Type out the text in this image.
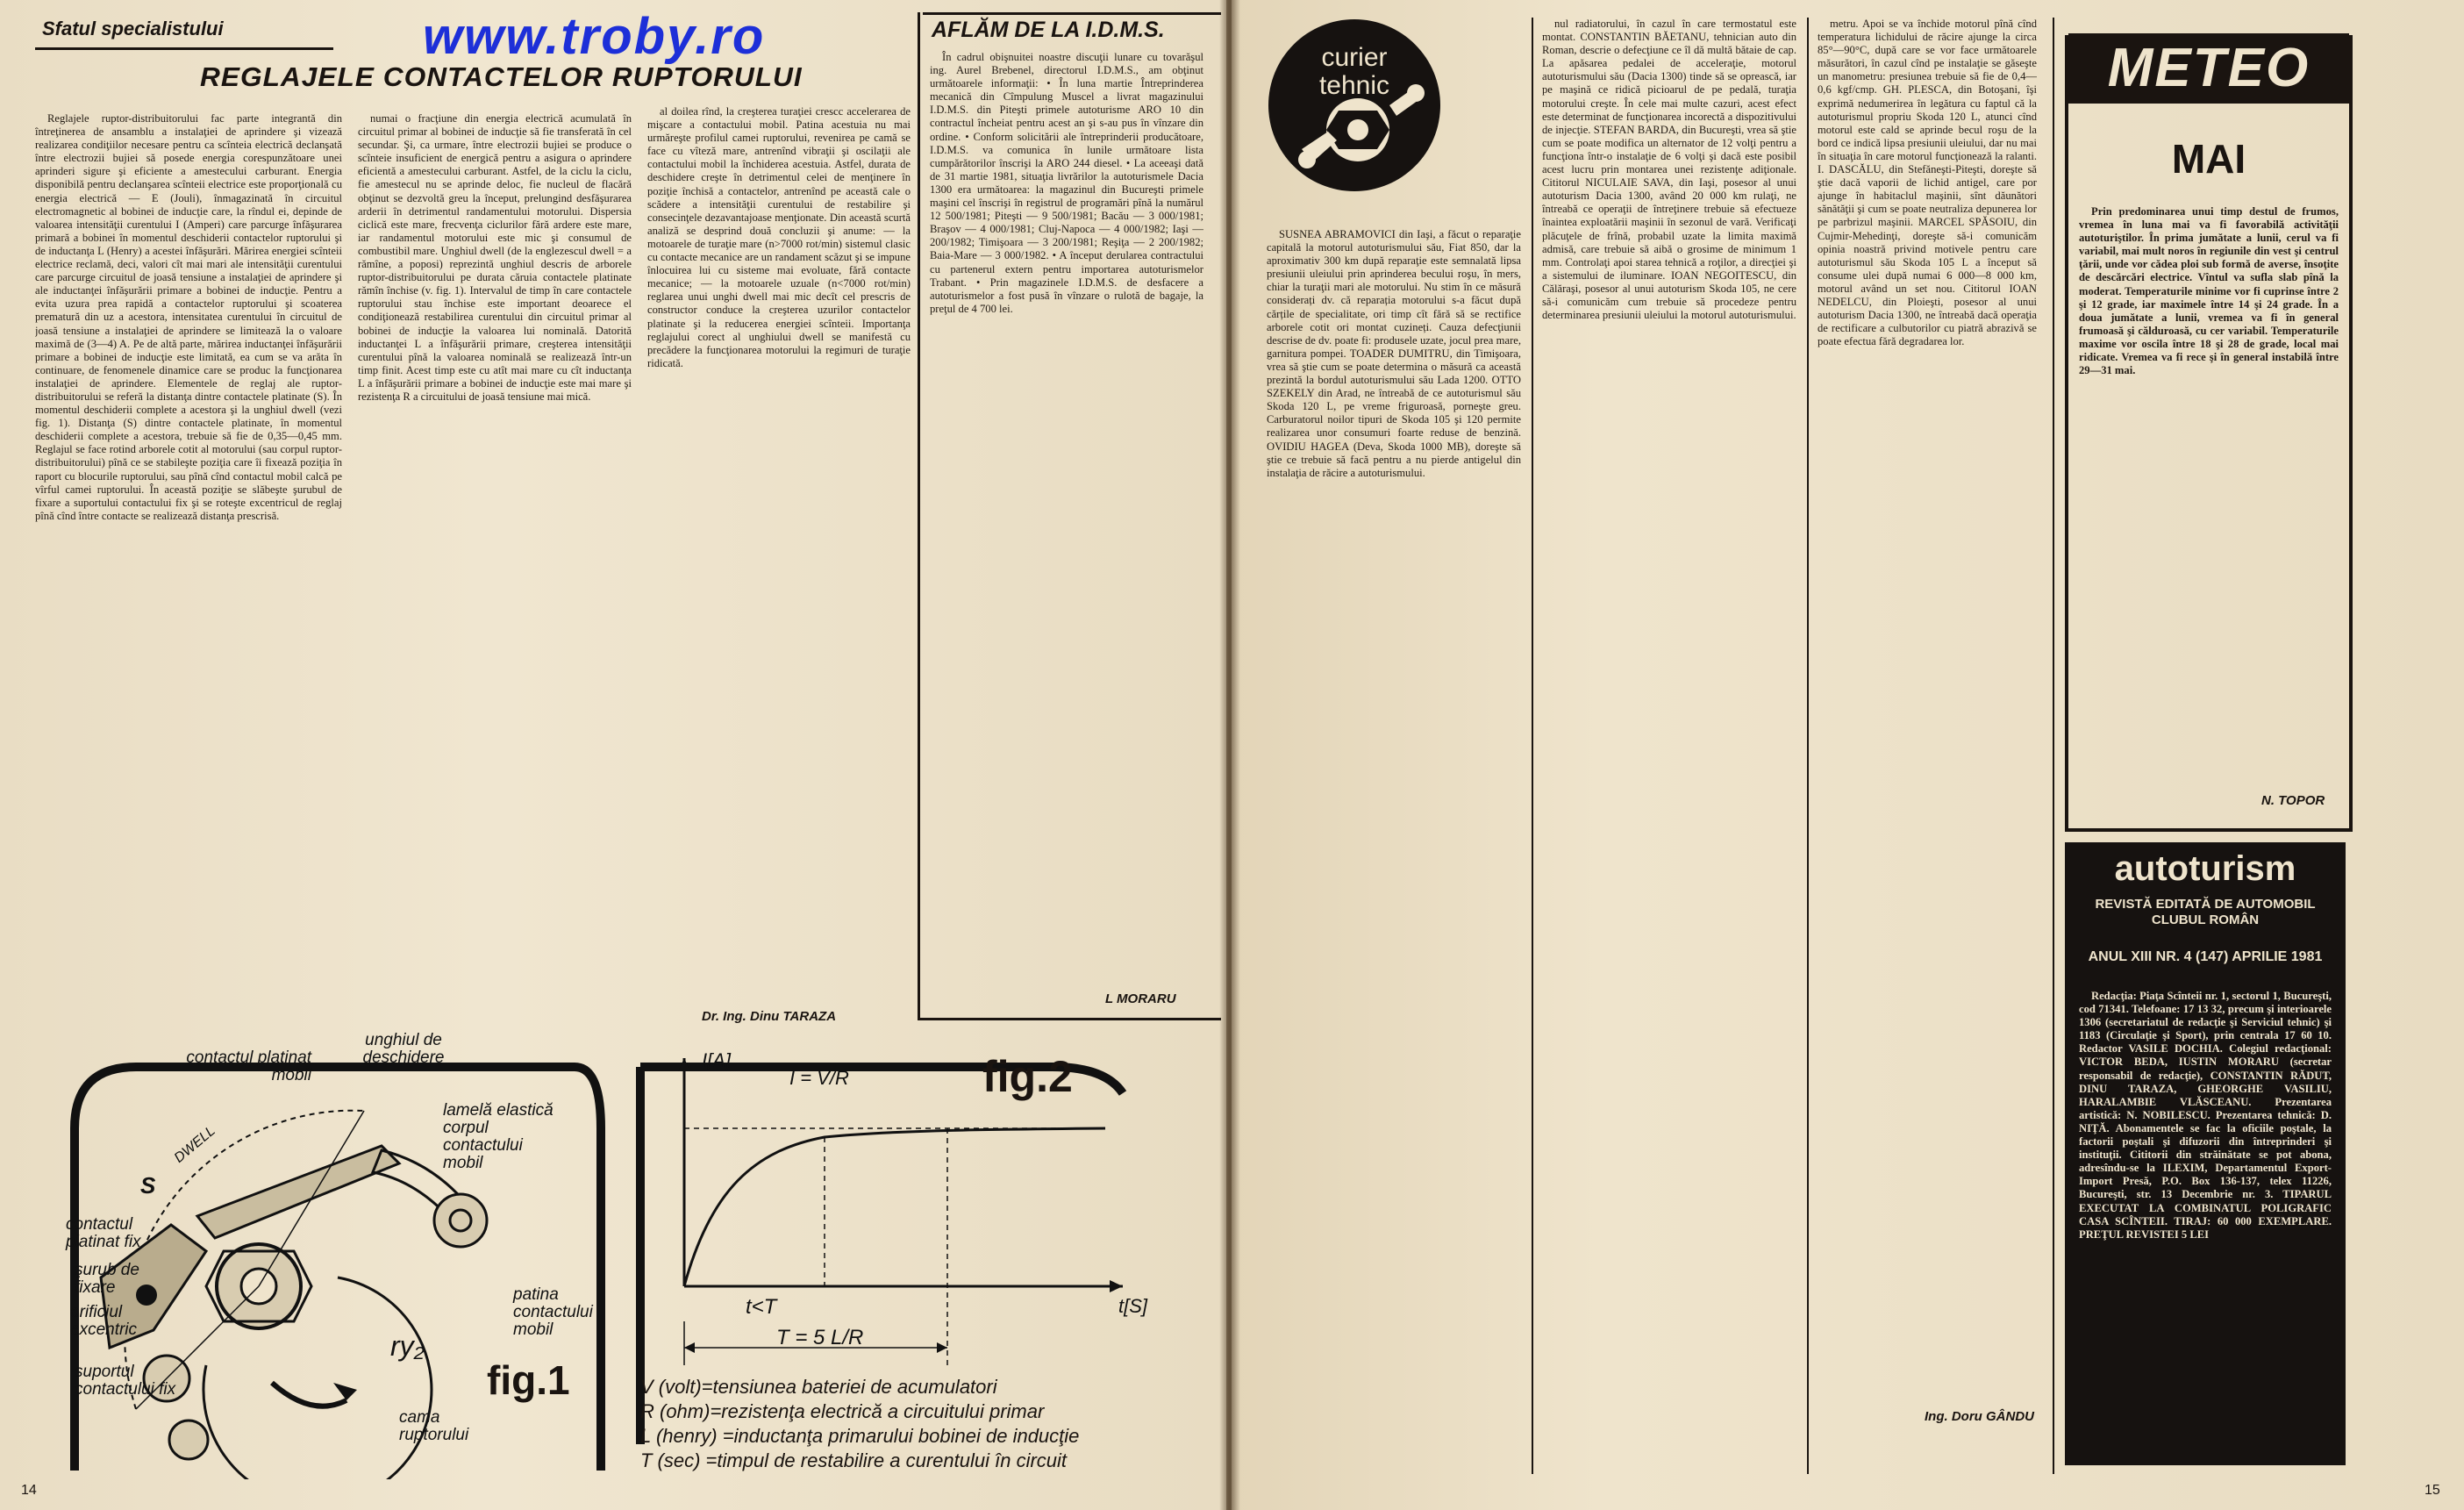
Sfatul specialistului	www.troby.ro
REGLAJELE CONTACTELOR RUPTORULUI

Reglajele ruptor-distribuitorului fac parte integrantă din întreţinerea de ansamblu a instalaţiei de aprindere şi vizează realizarea condiţiilor necesare pentru ca scînteia electrică declanşată între electrozii bujiei să posede energia corespunzătoare unei aprinderi sigure şi eficiente a amestecului carburant. Energia disponibilă pentru declanşarea scînteii electrice este proporţională cu energia electrică — E (Jouli), înmagazinată în circuitul electromagnetic al bobinei de inducţie care, la rîndul ei, depinde de valoarea intensităţii curentului I (Amperi) care parcurge înfăşurarea primară a bobinei în momentul deschiderii contactelor ruptorului şi de inductanţa L (Henry) a acestei înfăşurări. Mărirea energiei scînteii electrice reclamă, deci, valori cît mai mari ale intensităţii curentului care parcurge circuitul de joasă tensiune a instalaţiei de aprindere şi ale inductanţei înfăşurării primare a bobinei de inducţie. Pentru a evita uzura prea rapidă a contactelor ruptorului şi scoaterea prematură din uz a acestora, intensitatea curentului în circuitul de joasă tensiune a instalaţiei de aprindere se limitează la o valoare maximă de (3—4) A. Pe de altă parte, mărirea inductanţei înfăşurării primare a bobinei de inducţie este limitată, ea cum se va arăta în continuare, de fenomenele dinamice care se produc la funcţionarea instalaţiei de aprindere. Elementele de reglaj ale ruptor-distribuitorului se referă la distanţa dintre contactele platinate (S). În momentul deschiderii complete a acestora şi la unghiul dwell (vezi fig. 1). Distanţa (S) dintre contactele platinate, în momentul deschiderii complete a acestora, trebuie să fie de 0,35—0,45 mm. Reglajul se face rotind arborele cotit al motorului (sau corpul ruptor-distribuitorului) pînă ce se stabileşte poziţia care îi fixează poziţia în raport cu blocurile ruptorului, sau pînă cînd contactul mobil calcă pe vîrful camei ruptorului. În această poziţie se slăbeşte şurubul de fixare a suportului contactului fix şi se roteşte excentricul de reglaj pînă cînd între contacte se realizează distanţa prescrisă.

numai o fracţiune din energia electrică acumulată în circuitul primar al bobinei de inducţie să fie transferată în cel secundar. Şi, ca urmare, între electrozii bujiei se produce o scînteie insuficient de energică pentru a asigura o aprindere eficientă a amestecului carburant. Astfel, de la ciclu la ciclu, fie amestecul nu se aprinde deloc, fie nucleul de flacără obţinut se dezvoltă greu la început, prelungind desfăşurarea arderii în detrimentul randamentului motorului. Dispersia ciclică este mare, frecvenţa ciclurilor fără ardere este mare, iar randamentul motorului este mic şi consumul de combustibil mare. Unghiul dwell (de la englezescul dwell = a rămîne, a poposi) reprezintă unghiul descris de arborele ruptor-distribuitorului pe durata căruia contactele platinate rămîn închise (v. fig. 1). Intervalul de timp în care contactele ruptorului stau închise este important deoarece el condiţionează restabilirea curentului din circuitul primar al bobinei de inducţie la valoarea lui nominală. Datorită inductanţei L a înfăşurării primare, creşterea intensităţii curentului pînă la valoarea nominală se realizează într-un timp finit. Acest timp este cu atît mai mare cu cît inductanţa L a înfăşurării primare a bobinei de inducţie este mai mare şi rezistenţa R a circuitului de joasă tensiune mai mică.

al doilea rînd, la creşterea turaţiei crescc accelerarea de mişcare a contactului mobil. Patina acestuia nu mai urmăreşte profilul camei ruptorului, revenirea pe camă se face cu vîteză mare, antrenînd vibraţii şi oscilaţii ale contactului mobil la închiderea acestuia. Astfel, durata de deschidere creşte în detrimentul celei de menţinere în poziţie închisă a contactelor, antrenînd pe această cale o scădere a intensităţii curentului de restabilire şi consecinţele dezavantajoase menţionate. Din această scurtă analiză se desprind două concluzii şi anume: — la motoarele de turaţie mare (n>7000 rot/min) sistemul clasic cu contacte mecanice are un randament scăzut şi se impune înlocuirea lui cu sisteme mai evoluate, fără contacte mecanice; — la motoarele uzuale (n<7000 rot/min) reglarea unui unghi dwell mai mic decît cel prescris de constructor conduce la creşterea uzurilor contactelor platinate şi la reducerea energiei scînteii. Importanţa reglajului corect al unghiului dwell se manifestă cu precădere la funcţionarea motorului la regimuri de turaţie ridicată.

Dr. Ing. Dinu TARAZA
unghiul de deschidere
DWELL
contactul platinat mobil
lamelă elastică corpul contactului mobil
S
contactul platinat fix
şurub de fixare
orificiul excentric
suportul contactului fix
patina contactului mobil
cama ruptorului
ry₂
fig.1
I[A]
I = V/R	fig.2
t<T	t[S]
T = 5 L/R
V (volt)=tensiunea bateriei de acumulatori
R (ohm)=rezistenţa electrică a circuitului primar
L (henry) =inductanţa primarului bobinei de inducţie
T (sec) =timpul de restabilire a curentului în circuit
14
AFLĂM DE LA I.D.M.S.

În cadrul obişnuitei noastre discuţii lunare cu tovarăşul ing. Aurel Brebenel, directorul I.D.M.S., am obţinut următoarele informaţii: • În luna martie Întreprinderea mecanică din Cîmpulung Muscel a livrat magazinului I.D.M.S. din Piteşti primele autoturisme ARO 10 din contractul încheiat pentru acest an şi s-au pus în vînzare din ordine. • Conform solicitării ale întreprinderii producătoare, I.D.M.S. va comunica în lunile următoare lista cumpărătorilor înscrişi la ARO 244 diesel. • La aceeaşi dată de 31 martie 1981, situaţia livrărilor la autoturismele Dacia 1300 era următoarea: la magazinul din Bucureşti primele maşini cel înscrişi în registrul de programări pînă la numărul 12 500/1981; Piteşti — 9 500/1981; Bacău — 3 000/1981; Braşov — 4 000/1981; Cluj-Napoca — 4 000/1982; Iaşi — 200/1982; Timişoara — 3 200/1981; Reşiţa — 2 200/1982; Baia-Mare — 3 000/1982. • A început derularea contractului cu partenerul extern pentru importarea autoturismelor Trabant. • Prin magazinele I.D.M.S. de desfacere a autoturismelor a fost pusă în vînzare o rulotă de bagaje, la preţul de 4 700 lei.

L MORARU
curier tehnic

SUSNEA ABRAMOVICI din Iaşi, a făcut o reparaţie capitală la motorul autoturismului său, Fiat 850, dar la aproximativ 300 km după reparaţie este semnalată lipsa presiunii uleiului prin aprinderea becului roşu, în mers, chiar la turaţii mari ale motorului. Nu stim în ce măsură considerați dv. că reparația motorului s-a făcut după cărțile de specialitate, ori timp cît fără să se rectifice arborele cotit ori montat cuzineți. Cauza defecţiunii descrise de dv. poate fi: produsele uzate, jocul prea mare, garnitura pompei. TOADER DUMITRU, din Timişoara, vrea să ştie cum se poate determina o măsură ca această prezintă la bordul autoturismului său Lada 1200. OTTO SZEKELY din Arad, ne întreabă de ce autoturismul său Skoda 120 L, pe vreme friguroasă, porneşte greu. Carburatorul noilor tipuri de Skoda 105 şi 120 permite realizarea unor consumuri foarte reduse de benzină. OVIDIU HAGEA (Deva, Skoda 1000 MB), doreşte să ştie ce trebuie să facă pentru a nu pierde antigelul din instalaţia de răcire a autoturismului.

nul radiatorului, în cazul în care termostatul este montat. CONSTANTIN BĂETANU, tehnician auto din Roman, descrie o defecţiune ce îl dă multă bătaie de cap. La apăsarea pedalei de acceleraţie, motorul autoturismului său (Dacia 1300) tinde să se oprească, iar pe maşină ce ridică picioarul de pe pedală, turaţia motorului creşte. În cele mai multe cazuri, acest efect este determinat de funcţionarea incorectă a dispozitivului de injecţie. STEFAN BARDA, din Bucureşti, vrea să ştie cum se poate modifica un alternator de 12 volţi pentru a funcţiona într-o instalaţie de 6 volţi şi dacă este posibil acest lucru prin montarea unei rezistenţe adiţionale. Cititorul NICULAIE SAVA, din Iaşi, posesor al unui autoturism Dacia 1300, având 20 000 km rulaţi, ne întreabă ce operaţii de întreţinere trebuie să efectueze înaintea exploatării maşinii în sezonul de vară. Verificaţi plăcuţele de frînă, probabil uzate la limita maximă admisă, care trebuie să aibă o grosime de minimum 1 mm. Controlaţi apoi starea tehnică a roţilor, a direcţiei şi a sistemului de iluminare. IOAN NEGOITESCU, din Călăraşi, posesor al unui autoturism Skoda 105, ne cere să-i comunicăm cum trebuie să procedeze pentru determinarea presiunii uleiului la motorul autoturismului.

metru. Apoi se va închide motorul pînă cînd temperatura lichidului de răcire ajunge la circa 85°—90°C, după care se vor face următoarele măsurători, în cazul cînd pe instalaţie se găseşte un manometru: presiunea trebuie să fie de 0,4—0,6 kgf/cmp. GH. PLESCA, din Botoşani, îşi exprimă nedumerirea în legătura cu faptul că la autoturismul propriu Skoda 120 L, atunci cînd motorul este cald se aprinde becul roşu de la bord ce indică lipsa presiunii uleiului, dar nu mai în situaţia în care motorul funcţionează la ralanti. I. DASCĂLU, din Stefăneşti-Piteşti, doreşte să ştie dacă vaporii de lichid antigel, care por ajunge în habitaclul maşinii, sînt dăunători sănătăţii şi cum se poate neutraliza depunerea lor pe parbrizul maşinii. MARCEL SPĂSOIU, din Cujmir-Mehedinţi, doreşte să-i comunicăm opinia noastră privind motivele pentru care autoturismul său Skoda 105 L a început să consume ulei după numai 6 000—8 000 km, motorul având un set nou. Cititorul IOAN NEDELCU, din Ploieşti, posesor al unui autoturism Dacia 1300, ne întreabă dacă operaţia de rectificare a culbutorilor cu piatră abrazivă se poate efectua fără degradarea lor.

Ing. Doru GÂNDU
METEO
MAI

Prin predominarea unui timp destul de frumos, vremea în luna mai va fi favorabilă activităţii autoturiştilor. În prima jumătate a lunii, cerul va fi variabil, mai mult noros în regiunile din vest şi centrul ţării, unde vor cădea ploi sub formă de averse, însoţite de descărcări electrice. Vîntul va sufla slab pînă la moderat. Temperaturile minime vor fi cuprinse între 2 şi 12 grade, iar maximele între 14 şi 24 grade. În a doua jumătate a lunii, vremea va fi în general frumoasă şi călduroasă, cu cer variabil. Temperaturile maxime vor oscila între 18 şi 28 de grade, local mai ridicate. Vremea va fi rece şi în general instabilă între 29—31 mai.

N. TOPOR
autoturism
REVISTĂ EDITATĂ DE AUTOMOBIL CLUBUL ROMÂN
ANUL XIII NR. 4 (147) APRILIE 1981

Redacţia: Piaţa Scînteii nr. 1, sectorul 1, Bucureşti, cod 71341. Telefoane: 17 13 32, precum şi interioarele 1306 (secretariatul de redacţie şi Serviciul tehnic) şi 1183 (Circulaţie şi Sport), prin centrala 17 60 10. Redactor VASILE DOCHIA. Colegiul redacţional: VICTOR BEDA, IUSTIN MORARU (secretar responsabil de redacţie), CONSTANTIN RĂDUT, DINU TARAZA, GHEORGHE VASILIU, HARALAMBIE VLĂSCEANU. Prezentarea artistică: N. NOBILESCU. Prezentarea tehnică: D. NIŢĂ. Abonamentele se fac la oficiile poştale, la factorii poştali şi difuzorii din întreprinderi şi instituţii. Cititorii din străinătate se pot abona, adresîndu-se la ILEXIM, Departamentul Export-Import Presă, P.O. Box 136-137, telex 11226, Bucureşti, str. 13 Decembrie nr. 3. TIPARUL EXECUTAT LA COMBINATUL POLIGRAFIC CASA SCÎNTEII. TIRAJ: 60 000 EXEMPLARE. PREŢUL REVISTEI 5 LEI

15
